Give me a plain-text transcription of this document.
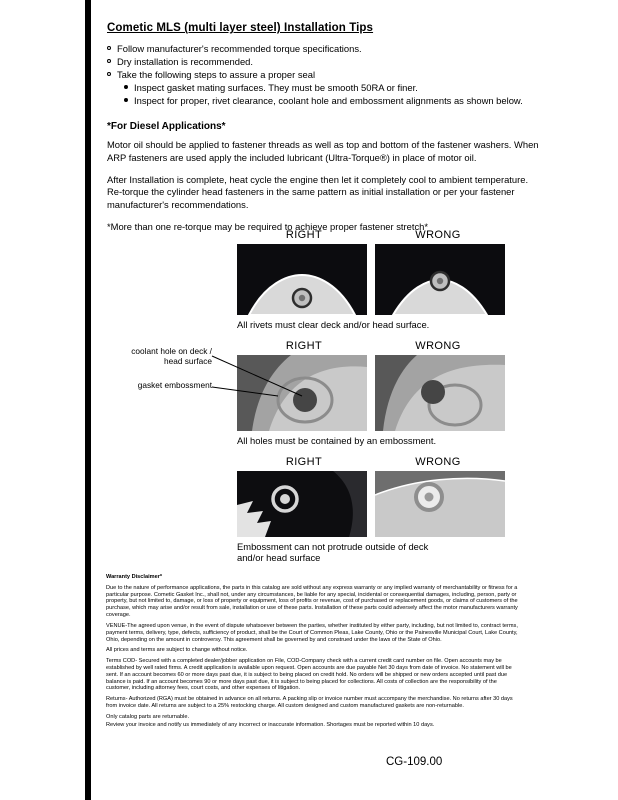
Cometic MLS (multi layer steel) Installation Tips
Follow manufacturer's recommended torque specifications.
Dry installation is recommended.
Take the following steps to assure a proper seal
Inspect gasket mating surfaces. They must be smooth 50RA or finer.
Inspect for proper, rivet clearance, coolant hole and embossment alignments as shown below.
*For Diesel Applications*

Motor oil should be applied to fastener threads as well as top and bottom of the fastener washers. When ARP fasteners are used apply the included lubricant (Ultra-Torque®) in place of motor oil.

After Installation is complete, heat cycle the engine then let it completely cool to ambient temperature. Re-torque the cylinder head fasteners in the same pattern as initial installation or per your fastener manufacturer's recommendations.

*More than one re-torque may be required to achieve proper fastener stretch*

RIGHT	WRONG
All rivets must clear deck and/or head surface.
RIGHT	WRONG
All holes must be contained by an embossment.
RIGHT	WRONG
Embossment can not protrude outside of deck and/or head surface
coolant hole on deck / head surface
gasket embossment

Warranty Disclaimer*

Due to the nature of performance applications, the parts in this catalog are sold without any express warranty or any implied warranty of merchantability or fitness for a particular purpose. Cometic Gasket Inc., shall not, under any circumstances, be liable for any special, incidental or consequential damages, including, person, party or property, but not limited to, damage, or loss of property or equipment, loss of profits or revenue, cost of purchased or replacement goods, or claims of customers of the purchase, which may arise and/or result from sale, installation or use of these parts. Installation of these parts could adversely affect the motor manufacturers warranty coverage.

VENUE-The agreed upon venue, in the event of dispute whatsoever between the parties, whether instituted by either party, including, but not limited to, contract terms, payment terms, delivery, type, defects, sufficiency of product, shall be the Court of Common Pleas, Lake County, Ohio or the Painesville Municipal Court, Lake County, Ohio, depending on the amount in controversy. This agreement shall be governed by and construed under the laws of the State of Ohio.

All prices and terms are subject to change without notice.

Terms COD- Secured with a completed dealer/jobber application on File, COD-Company check with a current credit card number on file. Open accounts may be established by well rated firms. A credit application is available upon request. Open accounts are due payable Net 30 days from date of invoice. No statement will be sent. If an account becomes 60 or more days past due, it is subject to being placed on credit hold. No orders will be shipped or new orders accepted until past due balance is paid. If an account becomes 90 or more days past due, it is subject to being placed for collections. All costs of collection are the responsibility of the customer, including attorney fees, court costs, and other expenses of litigation.

Returns- Authorized (RGA) must be obtained in advance on all returns. A packing slip or invoice number must accompany the merchandise. No returns after 30 days from invoice date. All returns are subject to a 25% restocking charge. All custom designed and custom manufactured gaskets are non-returnable.

Only catalog parts are returnable.

Review your invoice and notify us immediately of any incorrect or inaccurate information. Shortages must be reported within 10 days.

CG-109.00
